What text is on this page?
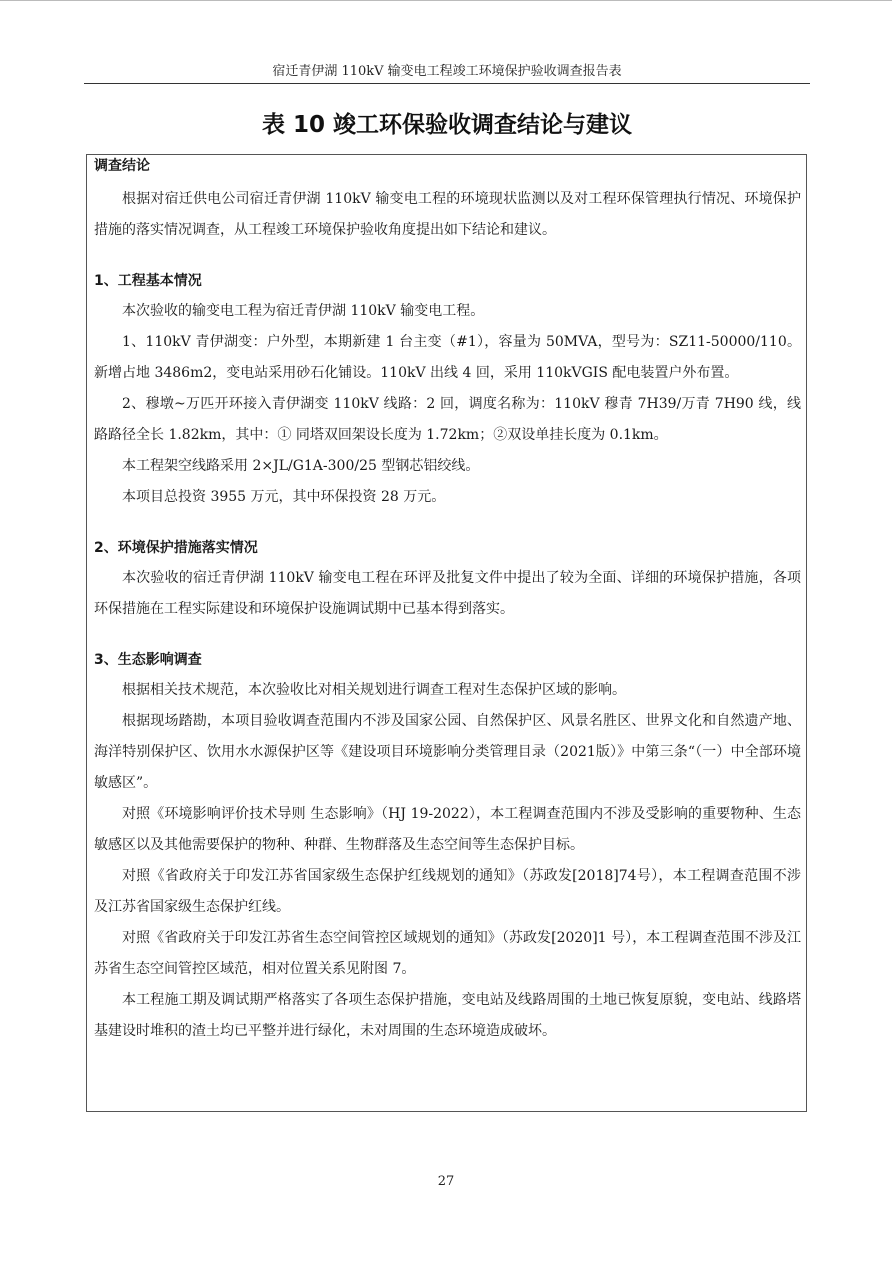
宿迁青伊湖 110kV 输变电工程竣工环境保护验收调查报告表
表 10 竣工环保验收调查结论与建议

调查结论

根据对宿迁供电公司宿迁青伊湖 110kV 输变电工程的环境现状监测以及对工程环保管理执行情况、环境保护措施的落实情况调查，从工程竣工环境保护验收角度提出如下结论和建议。

1、工程基本情况

本次验收的输变电工程为宿迁青伊湖 110kV 输变电工程。

1、110kV 青伊湖变：户外型，本期新建 1 台主变（#1），容量为 50MVA，型号为：SZ11-50000/110。新增占地 3486m2，变电站采用砂石化铺设。110kV 出线 4 回，采用 110kVGIS 配电装置户外布置。

2、穆墩~万匹开环接入青伊湖变 110kV 线路：2 回，调度名称为：110kV 穆青 7H39/万青 7H90 线，线路路径全长 1.82km，其中：① 同塔双回架设长度为 1.72km；②双设单挂长度为 0.1km。

本工程架空线路采用 2×JL/G1A-300/25 型钢芯铝绞线。

本项目总投资 3955 万元，其中环保投资 28 万元。

2、环境保护措施落实情况

本次验收的宿迁青伊湖 110kV 输变电工程在环评及批复文件中提出了较为全面、详细的环境保护措施，各项环保措施在工程实际建设和环境保护设施调试期中已基本得到落实。

3、生态影响调查

根据相关技术规范，本次验收比对相关规划进行调查工程对生态保护区域的影响。

根据现场踏勘，本项目验收调查范围内不涉及国家公园、自然保护区、风景名胜区、世界文化和自然遗产地、海洋特别保护区、饮用水水源保护区等《建设项目环境影响分类管理目录（2021版）》中第三条“（一）中全部环境敏感区”。

对照《环境影响评价技术导则 生态影响》（HJ 19-2022），本工程调查范围内不涉及受影响的重要物种、生态敏感区以及其他需要保护的物种、种群、生物群落及生态空间等生态保护目标。

对照《省政府关于印发江苏省国家级生态保护红线规划的通知》（苏政发[2018]74号），本工程调查范围不涉及江苏省国家级生态保护红线。

对照《省政府关于印发江苏省生态空间管控区域规划的通知》（苏政发[2020]1 号），本工程调查范围不涉及江苏省生态空间管控区域范，相对位置关系见附图 7。

本工程施工期及调试期严格落实了各项生态保护措施，变电站及线路周围的土地已恢复原貌，变电站、线路塔基建设时堆积的渣土均已平整并进行绿化，未对周围的生态环境造成破坏。

27
